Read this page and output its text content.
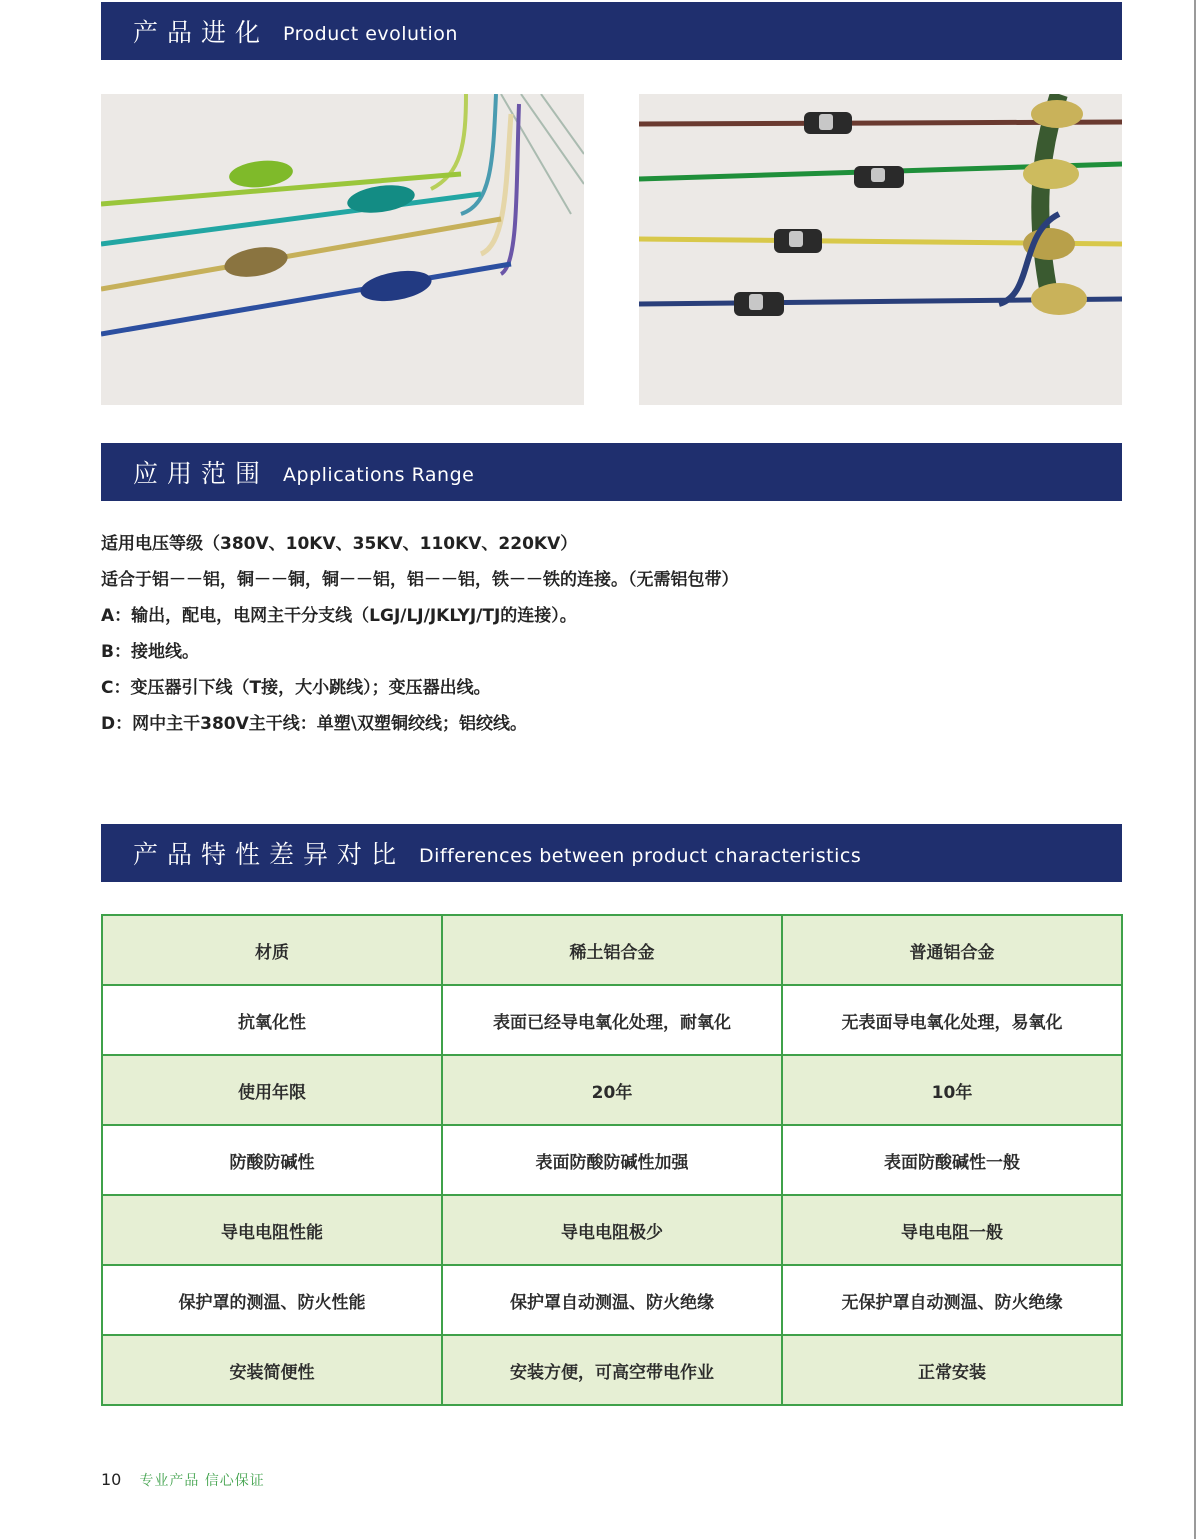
产品进化 Product evolution
应用范围 Applications Range
适用电压等级（380V、10KV、35KV、110KV、220KV）
适合于铝－－铝，铜－－铜，铜－－铝，铝－－铝，铁－－铁的连接。（无需铝包带）
A：输出，配电，电网主干分支线（LGJ/LJ/JKLYJ/TJ的连接）。
B：接地线。
C：变压器引下线（T接，大小跳线）；变压器出线。
D：网中主干380V主干线：单塑\双塑铜绞线；铝绞线。
产品特性差异对比 Differences between product characteristics
材质	稀土铝合金	普通铝合金
抗氧化性	表面已经导电氧化处理，耐氧化	无表面导电氧化处理，易氧化
使用年限	20年	10年
防酸防碱性	表面防酸防碱性加强	表面防酸碱性一般
导电电阻性能	导电电阻极少	导电电阻一般
保护罩的测温、防火性能	保护罩自动测温、防火绝缘	无保护罩自动测温、防火绝缘
安装简便性	安装方便，可高空带电作业	正常安装
10 专业产品 信心保证
